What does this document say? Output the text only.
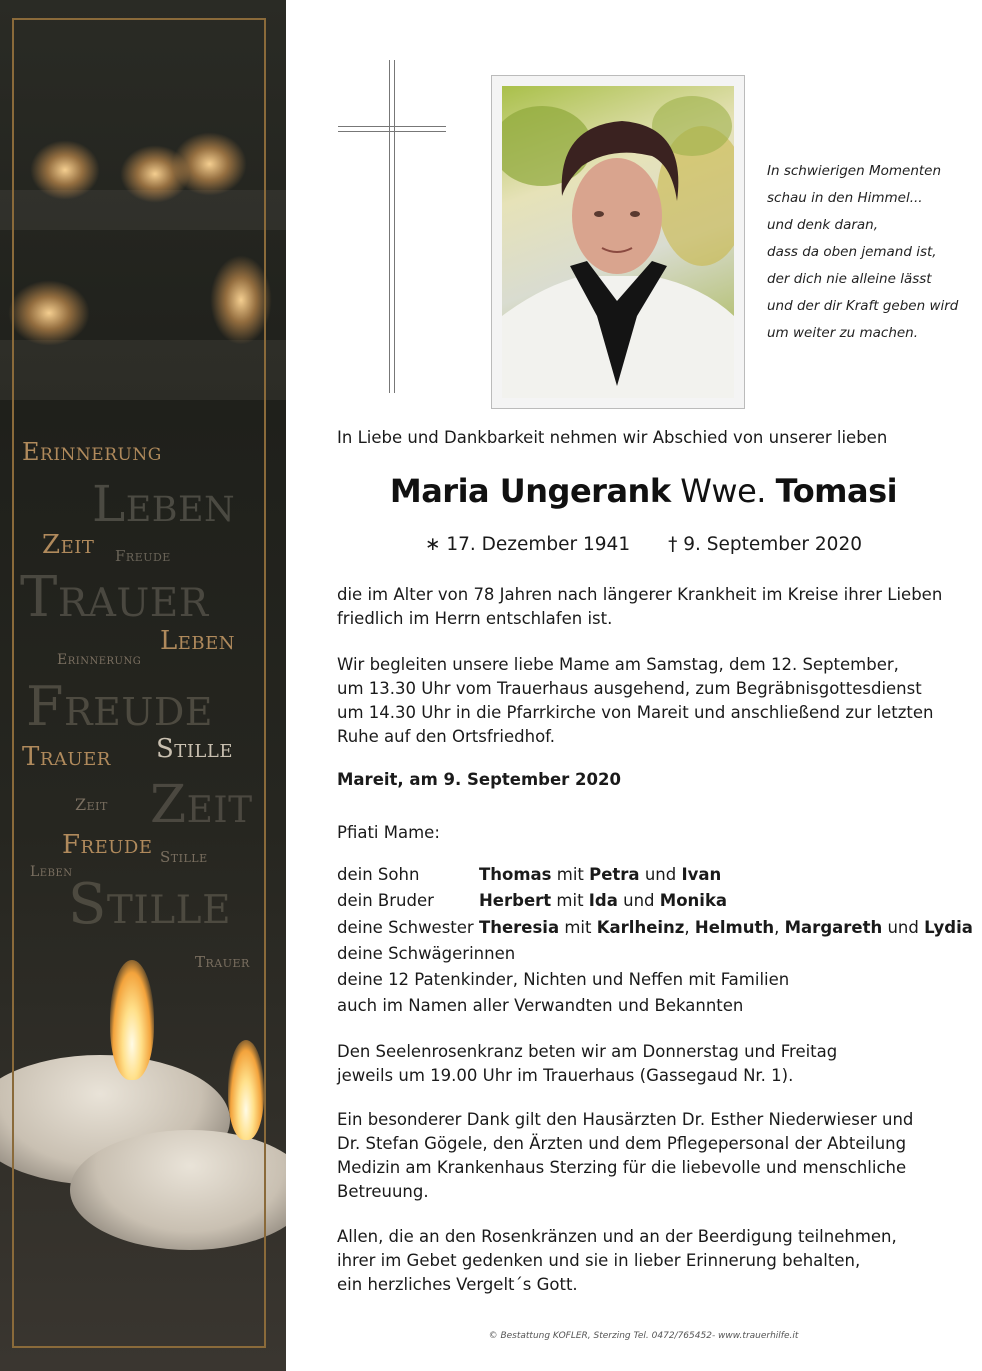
Erinnerung
Leben
Zeit Freude
Trauer
Leben
Erinnerung
Freude
Stille
Trauer
Zeit Zeit
Freude Stille
Leben
Stille
Trauer
In schwierigen Momenten
schau in den Himmel...
und denk daran,
dass da oben jemand ist,
der dich nie alleine lässt
und der dir Kraft geben wird
um weiter zu machen.
In Liebe und Dankbarkeit nehmen wir Abschied von unserer lieben
Maria Ungerank Wwe. Tomasi
∗ 17. Dezember 1941 † 9. September 2020
die im Alter von 78 Jahren nach längerer Krankheit im Kreise ihrer Lieben
friedlich im Herrn entschlafen ist.
Wir begleiten unsere liebe Mame am Samstag, dem 12. September,
um 13.30 Uhr vom Trauerhaus ausgehend, zum Begräbnisgottesdienst
um 14.30 Uhr in die Pfarrkirche von Mareit und anschließend zur letzten
Ruhe auf den Ortsfriedhof.
Mareit, am 9. September 2020
Pfiati Mame:
dein Sohn	Thomas mit Petra und Ivan
dein Bruder	Herbert mit Ida und Monika
deine Schwester Theresia mit Karlheinz, Helmuth, Margareth und Lydia
deine Schwägerinnen
deine 12 Patenkinder, Nichten und Neffen mit Familien
auch im Namen aller Verwandten und Bekannten
Den Seelenrosenkranz beten wir am Donnerstag und Freitag
jeweils um 19.00 Uhr im Trauerhaus (Gassegaud Nr. 1).
Ein besonderer Dank gilt den Hausärzten Dr. Esther Niederwieser und
Dr. Stefan Gögele, den Ärzten und dem Pflegepersonal der Abteilung
Medizin am Krankenhaus Sterzing für die liebevolle und menschliche
Betreuung.
Allen, die an den Rosenkränzen und an der Beerdigung teilnehmen,
ihrer im Gebet gedenken und sie in lieber Erinnerung behalten,
ein herzliches Vergelt´s Gott.
© Bestattung KOFLER, Sterzing Tel. 0472/765452- www.trauerhilfe.it
